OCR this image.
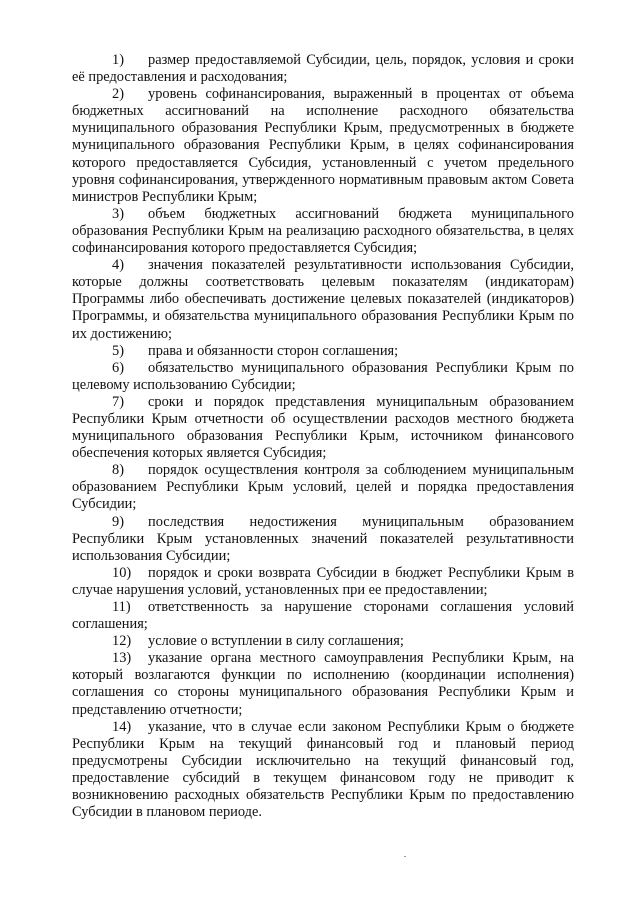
1) размер предоставляемой Субсидии, цель, порядок, условия и сроки её предоставления и расходования;

2) уровень софинансирования, выраженный в процентах от объема бюджетных ассигнований на исполнение расходного обязательства муниципального образования Республики Крым, предусмотренных в бюджете муниципального образования Республики Крым, в целях софинансирования которого предоставляется Субсидия, установленный с учетом предельного уровня софинансирования, утвержденного нормативным правовым актом Совета министров Республики Крым;

3) объем бюджетных ассигнований бюджета муниципального образования Республики Крым на реализацию расходного обязательства, в целях софинансирования которого предоставляется Субсидия;

4) значения показателей результативности использования Субсидии, которые должны соответствовать целевым показателям (индикаторам) Программы либо обеспечивать достижение целевых показателей (индикаторов) Программы, и обязательства муниципального образования Республики Крым по их достижению;

5) права и обязанности сторон соглашения;

6) обязательство муниципального образования Республики Крым по целевому использованию Субсидии;

7) сроки и порядок представления муниципальным образованием Республики Крым отчетности об осуществлении расходов местного бюджета муниципального образования Республики Крым, источником финансового обеспечения которых является Субсидия;

8) порядок осуществления контроля за соблюдением муниципальным образованием Республики Крым условий, целей и порядка предоставления Субсидии;

9) последствия недостижения муниципальным образованием Республики Крым установленных значений показателей результативности использования Субсидии;

10) порядок и сроки возврата Субсидии в бюджет Республики Крым в случае нарушения условий, установленных при ее предоставлении;

11) ответственность за нарушение сторонами соглашения условий соглашения;

12) условие о вступлении в силу соглашения;

13) указание органа местного самоуправления Республики Крым, на который возлагаются функции по исполнению (координации исполнения) соглашения со стороны муниципального образования Республики Крым и представлению отчетности;

14) указание, что в случае если законом Республики Крым о бюджете Республики Крым на текущий финансовый год и плановый период предусмотрены Субсидии исключительно на текущий финансовый год, предоставление субсидий в текущем финансовом году не приводит к возникновению расходных обязательств Республики Крым по предоставлению Субсидии в плановом периоде.
